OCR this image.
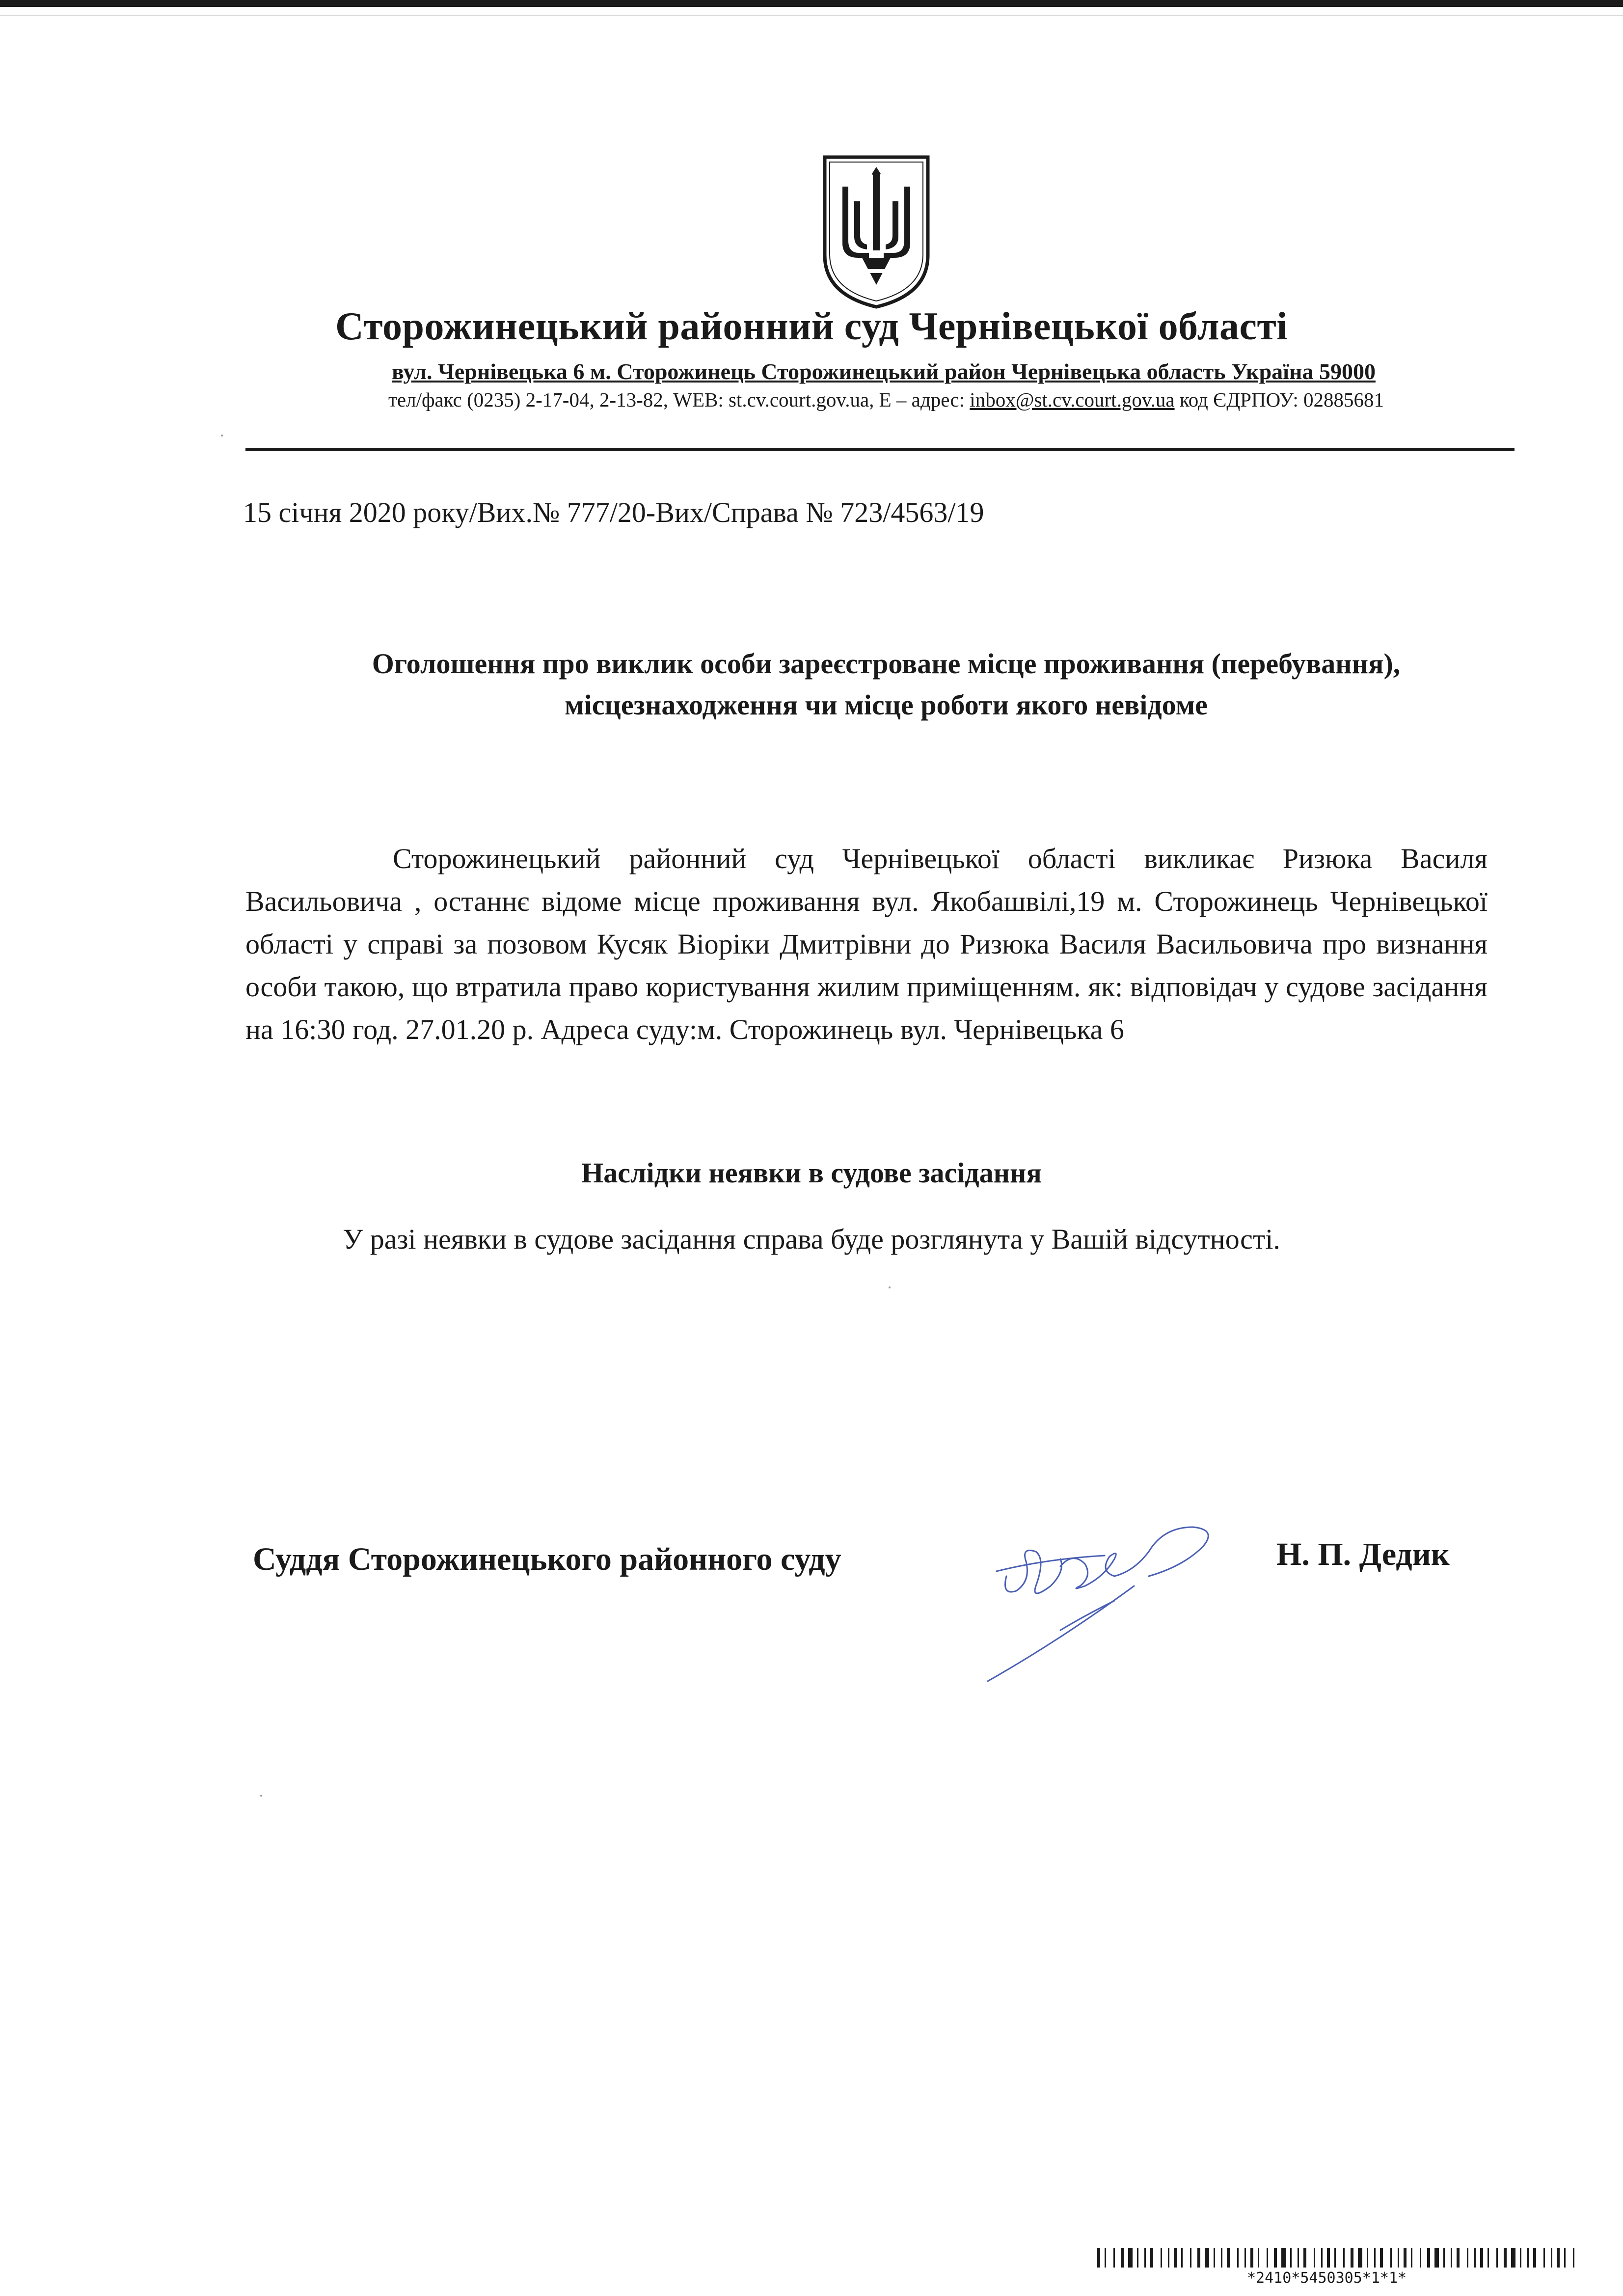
Сторожинецький районний суд Чернівецької області
вул. Чернівецька 6 м. Сторожинець Сторожинецький район Чернівецька область Україна 59000
тел/факс (0235) 2-17-04, 2-13-82, WEB: st.cv.court.gov.ua, E – адрес: inbox@st.cv.court.gov.ua код ЄДРПОУ: 02885681
15 січня 2020 року/Вих.№ 777/20-Вих/Справа № 723/4563/19
Оголошення про виклик особи зареєстроване місце проживання (перебування),
місцезнаходження чи місце роботи якого невідоме
Сторожинецький районний суд Чернівецької області викликає Ризюка Василя Васильовича , останнє відоме місце проживання вул. Якобашвілі,19 м. Сторожинець Чернівецької області у справі за позовом Кусяк Віоріки Дмитрівни до Ризюка Василя Васильовича про визнання особи такою, що втратила право користування жилим приміщенням. як: відповідач у судове засідання на 16:30 год. 27.01.20 р. Адреса суду:м. Сторожинець вул. Чернівецька 6
Наслідки неявки в судове засідання
У разі неявки в судове засідання справа буде розглянута у Вашій відсутності.
Суддя Сторожинецького районного суду	Н. П. Дедик
*2410*5450305*1*1*
